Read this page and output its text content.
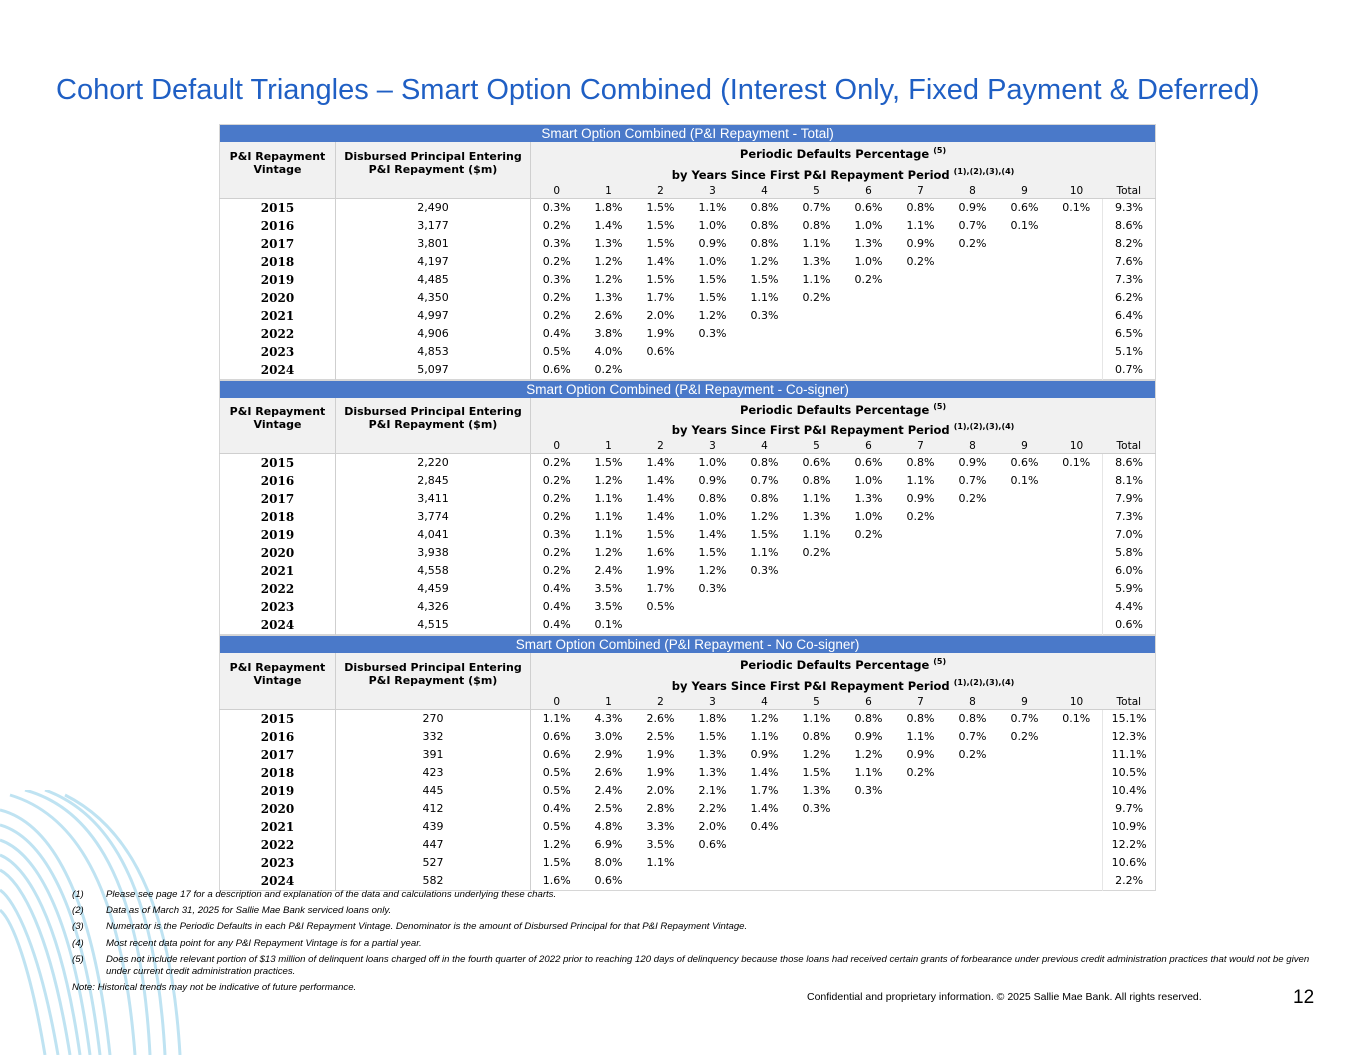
Cohort Default Triangles – Smart Option Combined (Interest Only, Fixed Payment & Deferred)
Smart Option Combined (P&I Repayment - Total)													
P&I Repayment Vintage	Disbursed Principal Entering P&I Repayment ($m)	Periodic Defaults Percentage $^{(5)}$
		by Years Since First P&I Repayment Period $^{(1),(2),(3),(4)}$
		0	1	2	3	4	5	6	7	8	9	10	Total
2015	2,490	0.3%	1.8%	1.5%	1.1%	0.8%	0.7%	0.6%	0.8%	0.9%	0.6%	0.1%	9.3%
2016	3,177	0.2%	1.4%	1.5%	1.0%	0.8%	0.8%	1.0%	1.1%	0.7%	0.1%		8.6%
2017	3,801	0.3%	1.3%	1.5%	0.9%	0.8%	1.1%	1.3%	0.9%	0.2%			8.2%
2018	4,197	0.2%	1.2%	1.4%	1.0%	1.2%	1.3%	1.0%	0.2%				7.6%
2019	4,485	0.3%	1.2%	1.5%	1.5%	1.5%	1.1%	0.2%					7.3%
2020	4,350	0.2%	1.3%	1.7%	1.5%	1.1%	0.2%						6.2%
2021	4,997	0.2%	2.6%	2.0%	1.2%	0.3%							6.4%
2022	4,906	0.4%	3.8%	1.9%	0.3%								6.5%
2023	4,853	0.5%	4.0%	0.6%									5.1%
2024	5,097	0.6%	0.2%										0.7%
Smart Option Combined (P&I Repayment - Co-signer)													
P&I Repayment Vintage	Disbursed Principal Entering P&I Repayment ($m)	Periodic Defaults Percentage $^{(5)}$
		by Years Since First P&I Repayment Period $^{(1),(2),(3),(4)}$
		0	1	2	3	4	5	6	7	8	9	10	Total
2015	2,220	0.2%	1.5%	1.4%	1.0%	0.8%	0.6%	0.6%	0.8%	0.9%	0.6%	0.1%	8.6%
2016	2,845	0.2%	1.2%	1.4%	0.9%	0.7%	0.8%	1.0%	1.1%	0.7%	0.1%		8.1%
2017	3,411	0.2%	1.1%	1.4%	0.8%	0.8%	1.1%	1.3%	0.9%	0.2%			7.9%
2018	3,774	0.2%	1.1%	1.4%	1.0%	1.2%	1.3%	1.0%	0.2%				7.3%
2019	4,041	0.3%	1.1%	1.5%	1.4%	1.5%	1.1%	0.2%					7.0%
2020	3,938	0.2%	1.2%	1.6%	1.5%	1.1%	0.2%						5.8%
2021	4,558	0.2%	2.4%	1.9%	1.2%	0.3%							6.0%
2022	4,459	0.4%	3.5%	1.7%	0.3%								5.9%
2023	4,326	0.4%	3.5%	0.5%									4.4%
2024	4,515	0.4%	0.1%										0.6%
Smart Option Combined (P&I Repayment - No Co-signer)													
P&I Repayment Vintage	Disbursed Principal Entering P&I Repayment ($m)	Periodic Defaults Percentage $^{(5)}$
		by Years Since First P&I Repayment Period $^{(1),(2),(3),(4)}$
		0	1	2	3	4	5	6	7	8	9	10	Total
2015	270	1.1%	4.3%	2.6%	1.8%	1.2%	1.1%	0.8%	0.8%	0.8%	0.7%	0.1%	15.1%
2016	332	0.6%	3.0%	2.5%	1.5%	1.1%	0.8%	0.9%	1.1%	0.7%	0.2%		12.3%
2017	391	0.6%	2.9%	1.9%	1.3%	0.9%	1.2%	1.2%	0.9%	0.2%			11.1%
2018	423	0.5%	2.6%	1.9%	1.3%	1.4%	1.5%	1.1%	0.2%				10.5%
2019	445	0.5%	2.4%	2.0%	2.1%	1.7%	1.3%	0.3%					10.4%
2020	412	0.4%	2.5%	2.8%	2.2%	1.4%	0.3%						9.7%
2021	439	0.5%	4.8%	3.3%	2.0%	0.4%							10.9%
2022	447	1.2%	6.9%	3.5%	0.6%								12.2%
2023	527	1.5%	8.0%	1.1%									10.6%
2024	582	1.6%	0.6%										2.2%
(1) Please see page 17 for a description and explanation of the data and calculations underlying these charts.
(2) Data as of March 31, 2025 for Sallie Mae Bank serviced loans only.
(3) Numerator is the Periodic Defaults in each P&I Repayment Vintage. Denominator is the amount of Disbursed Principal for that P&I Repayment Vintage.
(4) Most recent data point for any P&I Repayment Vintage is for a partial year.
(5) Does not include relevant portion of $13 million of delinquent loans charged off in the fourth quarter of 2022 prior to reaching 120 days of delinquency because those loans had received certain grants of forbearance under previous credit administration practices that would not be given under current credit administration practices.
Note: Historical trends may not be indicative of future performance.
Confidential and proprietary information. © 2025 Sallie Mae Bank. All rights reserved.	12
